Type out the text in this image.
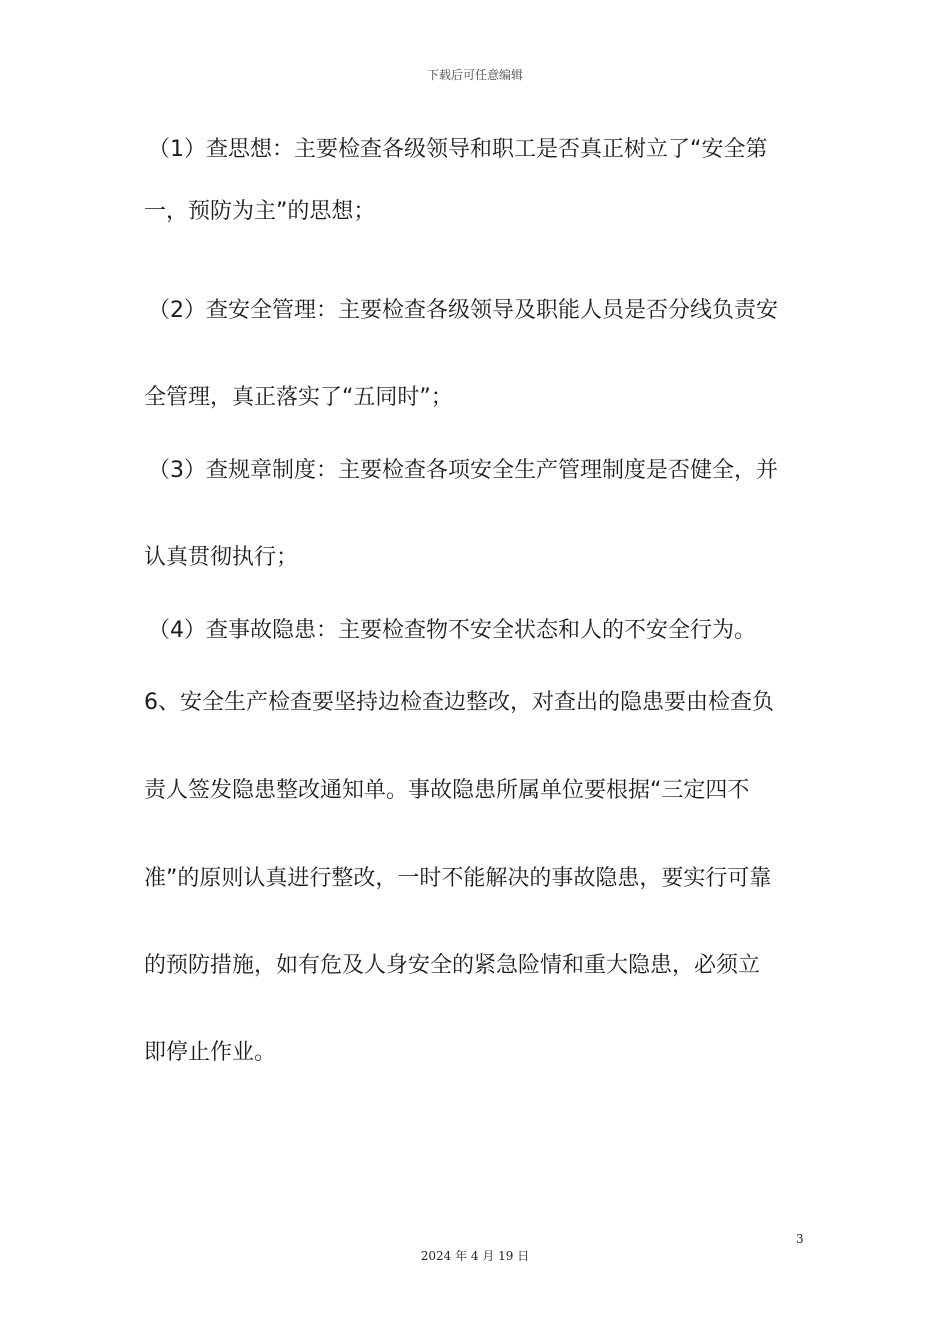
下载后可任意编辑
（1）查思想：主要检查各级领导和职工是否真正树立了“安全第
一，预防为主”的思想；
（2）查安全管理：主要检查各级领导及职能人员是否分线负责安
全管理，真正落实了“五同时”；
（3）查规章制度：主要检查各项安全生产管理制度是否健全，并
认真贯彻执行；
（4）查事故隐患：主要检查物不安全状态和人的不安全行为。
6、安全生产检查要坚持边检查边整改，对查出的隐患要由检查负
责人签发隐患整改通知单。事故隐患所属单位要根据“三定四不
准”的原则认真进行整改，一时不能解决的事故隐患，要实行可靠
的预防措施，如有危及人身安全的紧急险情和重大隐患，必须立
即停止作业。
3
2024 年 4 月 19 日
